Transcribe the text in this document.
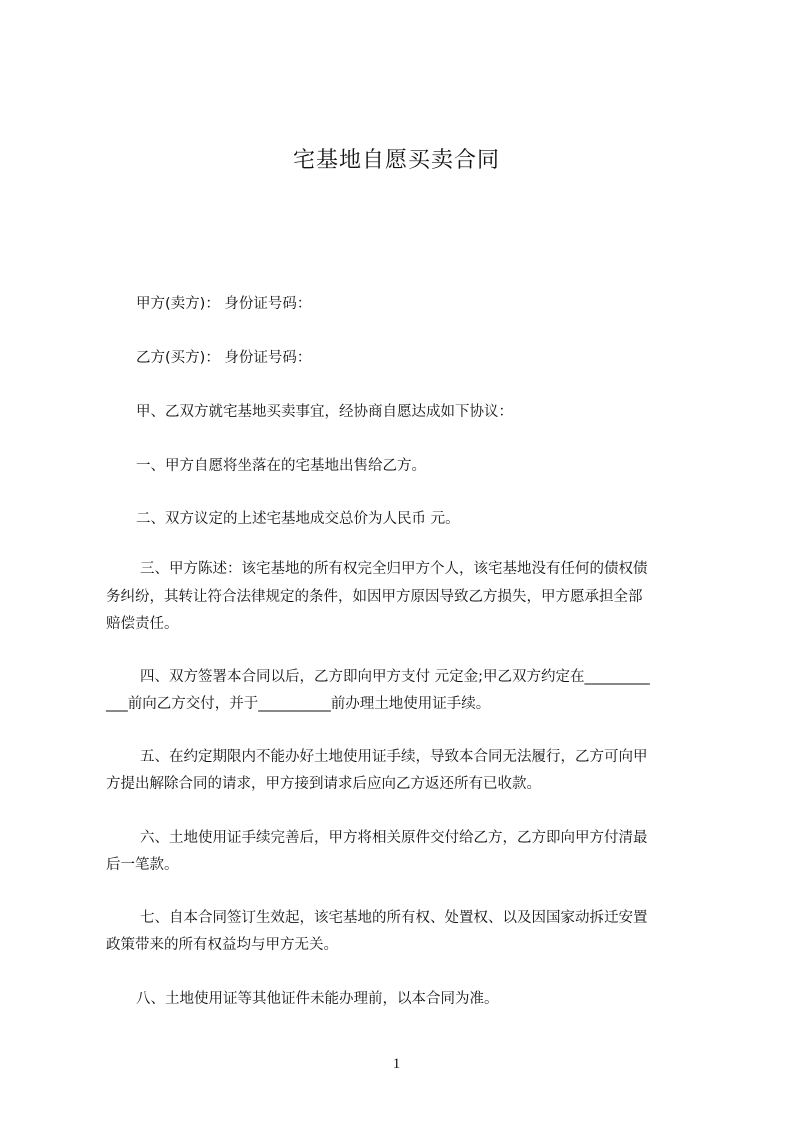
宅基地自愿买卖合同

甲方(卖方)： 身份证号码：

乙方(买方)： 身份证号码：

甲、乙双方就宅基地买卖事宜，经协商自愿达成如下协议：

一、甲方自愿将坐落在的宅基地出售给乙方。

二、双方议定的上述宅基地成交总价为人民币 元。

三、甲方陈述：该宅基地的所有权完全归甲方个人，该宅基地没有任何的债权债

务纠纷，其转让符合法律规定的条件，如因甲方原因导致乙方损失，甲方愿承担全部

赔偿责任。

四、双方签署本合同以后，乙方即向甲方支付 元定金;甲乙双方约定在_________

___前向乙方交付，并于__________前办理土地使用证手续。

五、在约定期限内不能办好土地使用证手续，导致本合同无法履行，乙方可向甲

方提出解除合同的请求，甲方接到请求后应向乙方返还所有已收款。

六、土地使用证手续完善后，甲方将相关原件交付给乙方，乙方即向甲方付清最

后一笔款。

七、自本合同签订生效起，该宅基地的所有权、处置权、以及因国家动拆迁安置

政策带来的所有权益均与甲方无关。

八、土地使用证等其他证件未能办理前，以本合同为准。

1
